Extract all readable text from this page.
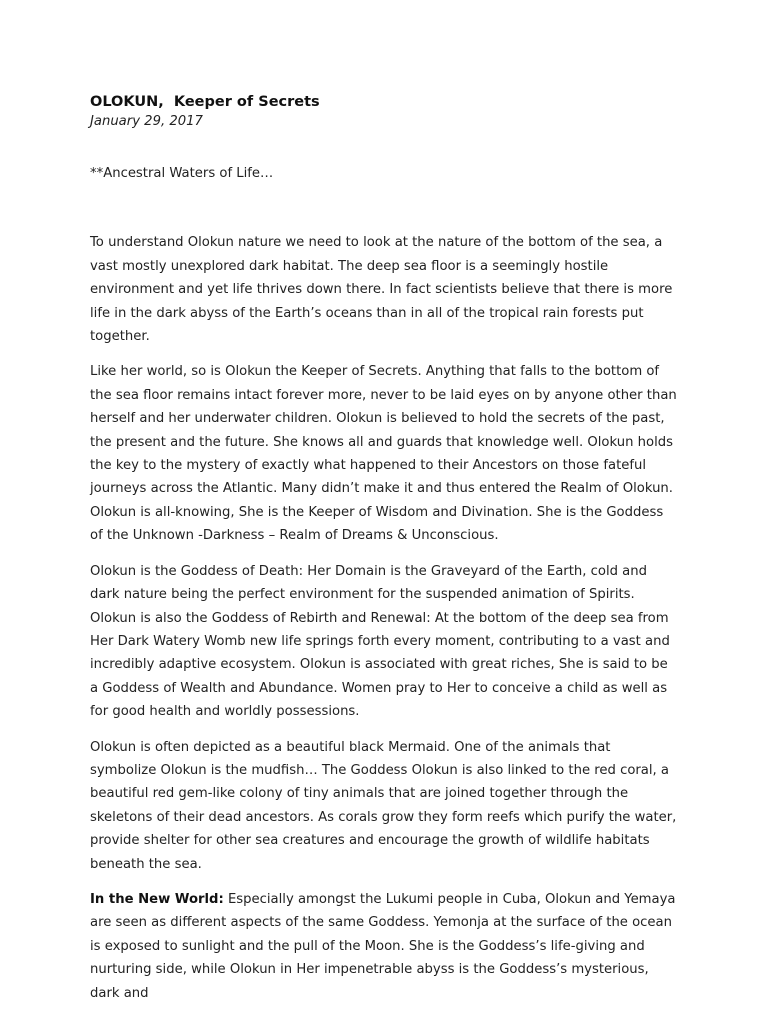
OLOKUN,  Keeper of Secrets
January 29, 2017

**Ancestral Waters of Life…

To understand Olokun nature we need to look at the nature of the bottom of the sea, a vast mostly unexplored dark habitat. The deep sea floor is a seemingly hostile environment and yet life thrives down there. In fact scientists believe that there is more life in the dark abyss of the Earth’s oceans than in all of the tropical rain forests put together.

Like her world, so is Olokun the Keeper of Secrets. Anything that falls to the bottom of the sea floor remains intact forever more, never to be laid eyes on by anyone other than herself and her underwater children. Olokun is believed to hold the secrets of the past, the present and the future. She knows all and guards that knowledge well. Olokun holds the key to the mystery of exactly what happened to their Ancestors on those fateful journeys across the Atlantic. Many didn’t make it and thus entered the Realm of Olokun. Olokun is all-knowing, She is the Keeper of Wisdom and Divination. She is the Goddess of the Unknown -Darkness – Realm of Dreams & Unconscious.

Olokun is the Goddess of Death: Her Domain is the Graveyard of the Earth, cold and dark nature being the perfect environment for the suspended animation of Spirits. Olokun is also the Goddess of Rebirth and Renewal: At the bottom of the deep sea from Her Dark Watery Womb new life springs forth every moment, contributing to a vast and incredibly adaptive ecosystem. Olokun is associated with great riches, She is said to be a Goddess of Wealth and Abundance. Women pray to Her to conceive a child as well as for good health and worldly possessions.

Olokun is often depicted as a beautiful black Mermaid. One of the animals that symbolize Olokun is the mudfish… The Goddess Olokun is also linked to the red coral, a beautiful red gem-like colony of tiny animals that are joined together through the skeletons of their dead ancestors. As corals grow they form reefs which purify the water, provide shelter for other sea creatures and encourage the growth of wildlife habitats beneath the sea.

In the New World: Especially amongst the Lukumi people in Cuba, Olokun and Yemaya are seen as different aspects of the same Goddess. Yemonja at the surface of the ocean is exposed to sunlight and the pull of the Moon. She is the Goddess’s life-giving and nurturing side, while Olokun in Her impenetrable abyss is the Goddess’s mysterious, dark and
